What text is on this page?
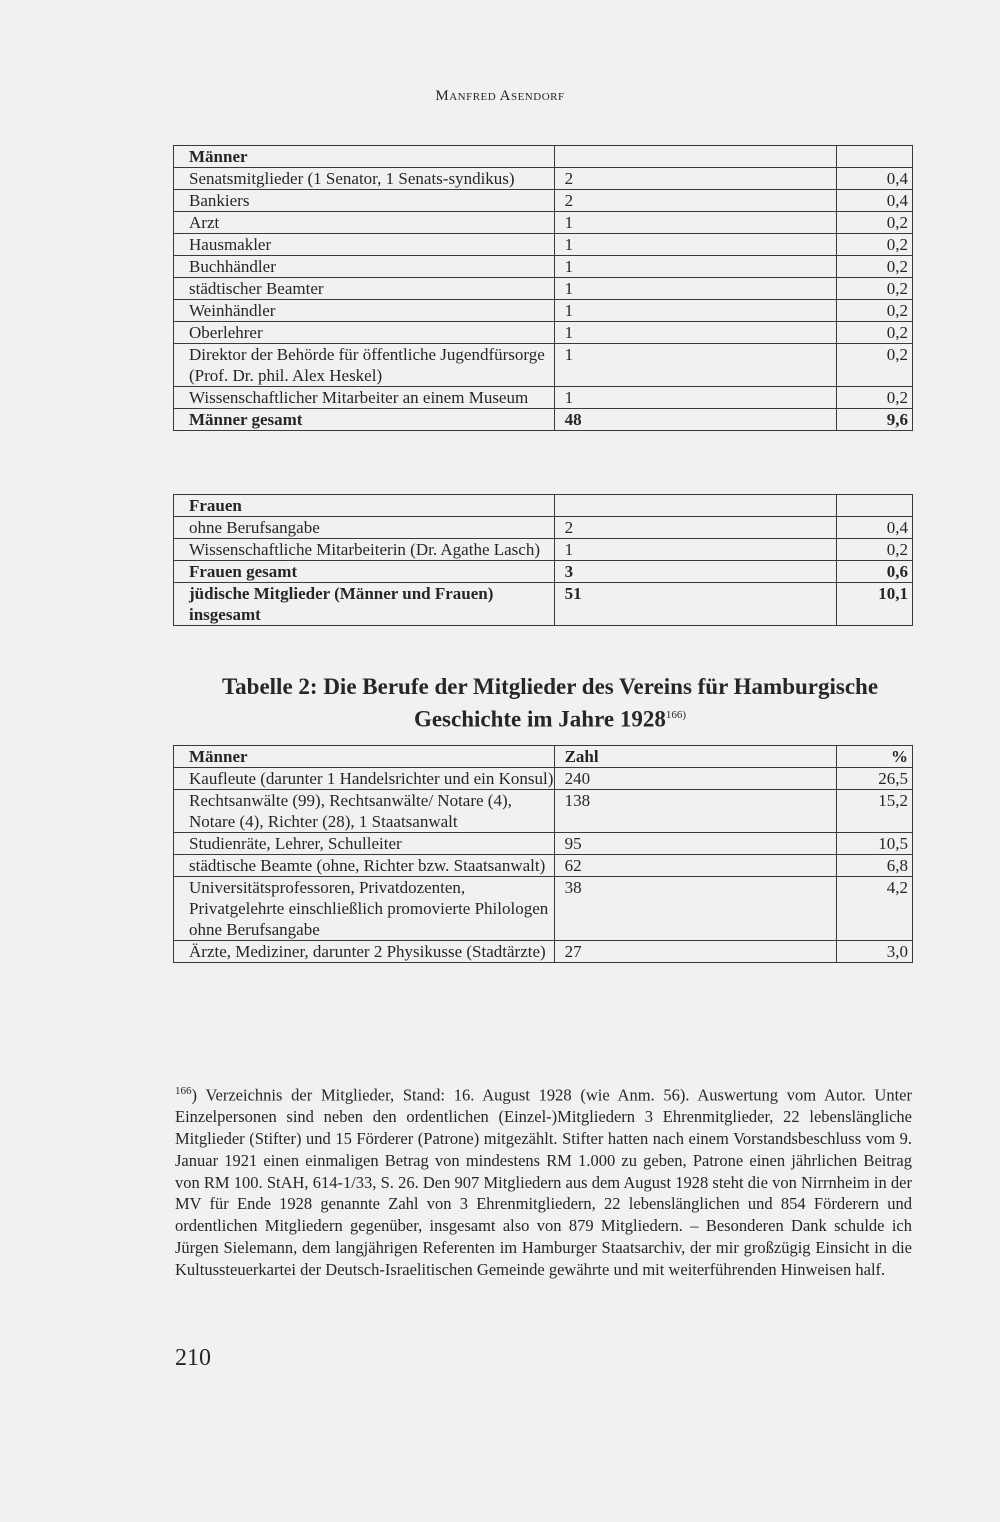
Manfred Asendorf
Männer		
Senatsmitglieder (1 Senator, 1 Senats-syndikus)	2	0,4
Bankiers	2	0,4
Arzt	1	0,2
Hausmakler	1	0,2
Buchhändler	1	0,2
städtischer Beamter	1	0,2
Weinhändler	1	0,2
Oberlehrer	1	0,2
Direktor der Behörde für öffentliche Jugendfürsorge (Prof. Dr. phil. Alex Heskel)	1	0,2
Wissenschaftlicher Mitarbeiter an einem Museum	1	0,2
Männer gesamt	48	9,6
Frauen		
ohne Berufsangabe	2	0,4
Wissenschaftliche Mitarbeiterin (Dr. Agathe Lasch)	1	0,2
Frauen gesamt	3	0,6
jüdische Mitglieder (Männer und Frauen) insgesamt	51	10,1
Tabelle 2: Die Berufe der Mitglieder des Vereins für Hamburgische Geschichte im Jahre 1928$^{166)}$
Männer	Zahl	%
Kaufleute (darunter 1 Handelsrichter und ein Konsul)	240	26,5
Rechtsanwälte (99), Rechtsanwälte/ Notare (4), Notare (4), Richter (28), 1 Staatsanwalt	138	15,2
Studienräte, Lehrer, Schulleiter	95	10,5
städtische Beamte (ohne, Richter bzw. Staatsanwalt)	62	6,8
Universitätsprofessoren, Privatdozenten, Privatgelehrte einschließlich promovierte Philologen ohne Berufsangabe	38	4,2
Ärzte, Mediziner, darunter 2 Physikusse (Stadtärzte)	27	3,0
$^{166}$) Verzeichnis der Mitglieder, Stand: 16. August 1928 (wie Anm. 56). Auswertung vom Autor. Unter Einzelpersonen sind neben den ordentlichen (Einzel-)Mitgliedern 3 Ehrenmitglieder, 22 lebenslängliche Mitglieder (Stifter) und 15 Förderer (Patrone) mitgezählt. Stifter hatten nach einem Vorstandsbeschluss vom 9. Januar 1921 einen einmaligen Betrag von mindestens RM 1.000 zu geben, Patrone einen jährlichen Beitrag von RM 100. StAH, 614-1/33, S. 26. Den 907 Mitgliedern aus dem August 1928 steht die von Nirrnheim in der MV für Ende 1928 genannte Zahl von 3 Ehrenmitgliedern, 22 lebenslänglichen und 854 Förderern und ordentlichen Mitgliedern gegenüber, insgesamt also von 879 Mitgliedern. – Besonderen Dank schulde ich Jürgen Sielemann, dem langjährigen Referenten im Hamburger Staatsarchiv, der mir großzügig Einsicht in die Kultussteuerkartei der Deutsch-Israelitischen Gemeinde gewährte und mit weiterführenden Hinweisen half.
210
